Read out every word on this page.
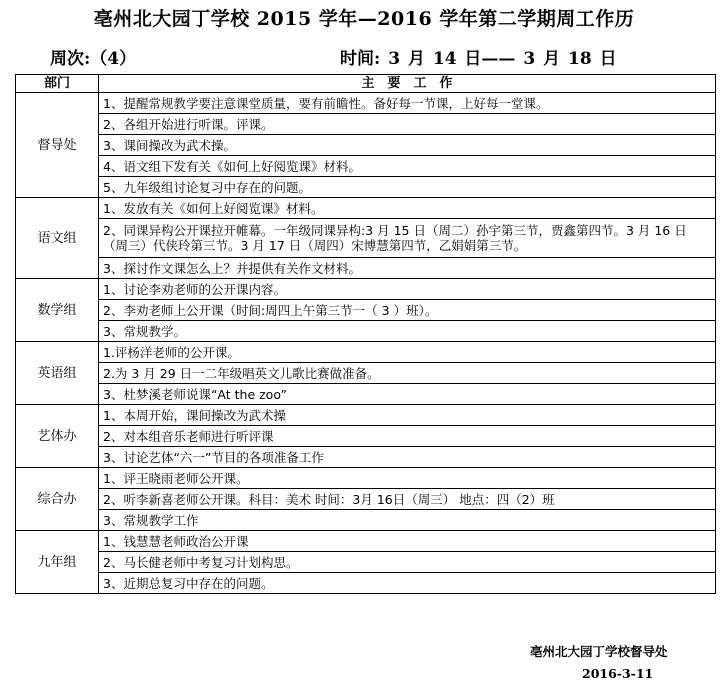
亳州北大园丁学校 2015 学年—2016 学年第二学期周工作历
周次:（4）	时间: 3 月 14 日—— 3 月 18 日
部门	主　要　工　作
督导处	1、提醒常规教学要注意课堂质量，要有前瞻性。备好每一节课，上好每一堂课。
	2、各组开始进行听课。评课。
	3、课间操改为武术操。
	4、语文组下发有关《如何上好阅览课》材料。
	5、九年级组讨论复习中存在的问题。
语文组	1、发放有关《如何上好阅览课》材料。
	2、同课异构公开课拉开帷幕。一年级同课异构:3 月 15 日（周二）孙宇第三节，贾鑫第四节。3 月 16 日（周三）代侠玲第三节。3 月 17 日（周四）宋博慧第四节，乙娟娟第三节。
	3、探讨作文课怎么上？并提供有关作文材料。
数学组	1、讨论李劝老师的公开课内容。
	2、李劝老师上公开课（时间:周四上午第三节一（ 3 ）班）。
	3、常规教学。
英语组	1.评杨洋老师的公开课。
	2.为 3 月 29 日一二年级唱英文儿歌比赛做准备。
	3、杜梦溪老师说课“At the zoo”
艺体办	1、本周开始，课间操改为武术操
	2、对本组音乐老师进行听评课
	3、讨论艺体“六一”节目的各项准备工作
综合办	1、评王晓雨老师公开课。
	2、听李新喜老师公开课。科目：美术 时间：3月 16日（周三） 地点：四（2）班
	3、常规教学工作
九年组	1、钱慧慧老师政治公开课
	2、马长健老师中考复习计划构思。
	3、近期总复习中存在的问题。
亳州北大园丁学校督导处
2016-3-11
